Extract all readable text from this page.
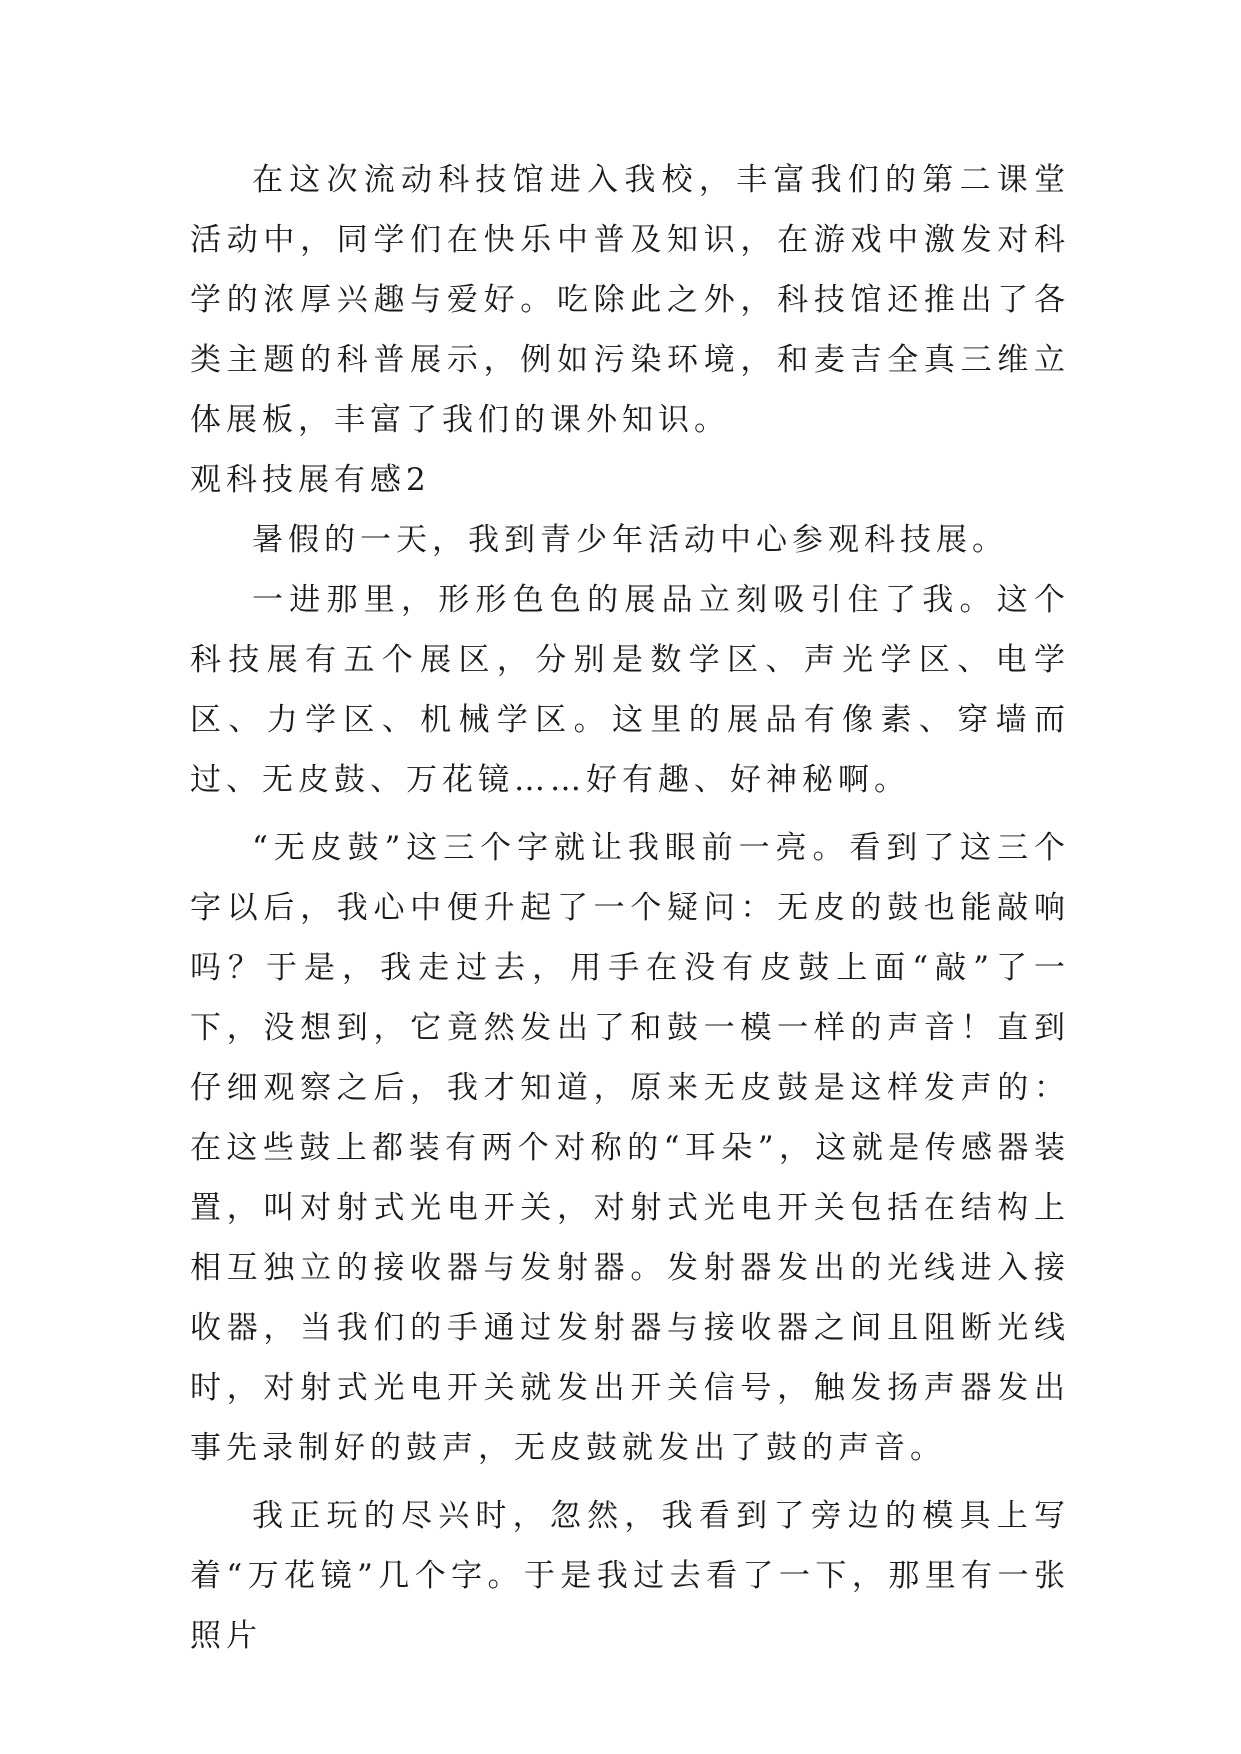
在这次流动科技馆进入我校，丰富我们的第二课堂活动中，同学们在快乐中普及知识，在游戏中激发对科学的浓厚兴趣与爱好。吃除此之外，科技馆还推出了各类主题的科普展示，例如污染环境，和麦吉全真三维立体展板，丰富了我们的课外知识。

观科技展有感2

暑假的一天，我到青少年活动中心参观科技展。

一进那里，形形色色的展品立刻吸引住了我。这个科技展有五个展区，分别是数学区、声光学区、电学区、力学区、机械学区。这里的展品有像素、穿墙而过、无皮鼓、万花镜……好有趣、好神秘啊。

“无皮鼓”这三个字就让我眼前一亮。看到了这三个字以后，我心中便升起了一个疑问：无皮的鼓也能敲响吗？于是，我走过去，用手在没有皮鼓上面“敲”了一下，没想到，它竟然发出了和鼓一模一样的声音！直到仔细观察之后，我才知道，原来无皮鼓是这样发声的：在这些鼓上都装有两个对称的“耳朵”，这就是传感器装置，叫对射式光电开关，对射式光电开关包括在结构上相互独立的接收器与发射器。发射器发出的光线进入接收器，当我们的手通过发射器与接收器之间且阻断光线时，对射式光电开关就发出开关信号，触发扬声器发出事先录制好的鼓声，无皮鼓就发出了鼓的声音。

我正玩的尽兴时，忽然，我看到了旁边的模具上写着“万花镜”几个字。于是我过去看了一下，那里有一张照片
